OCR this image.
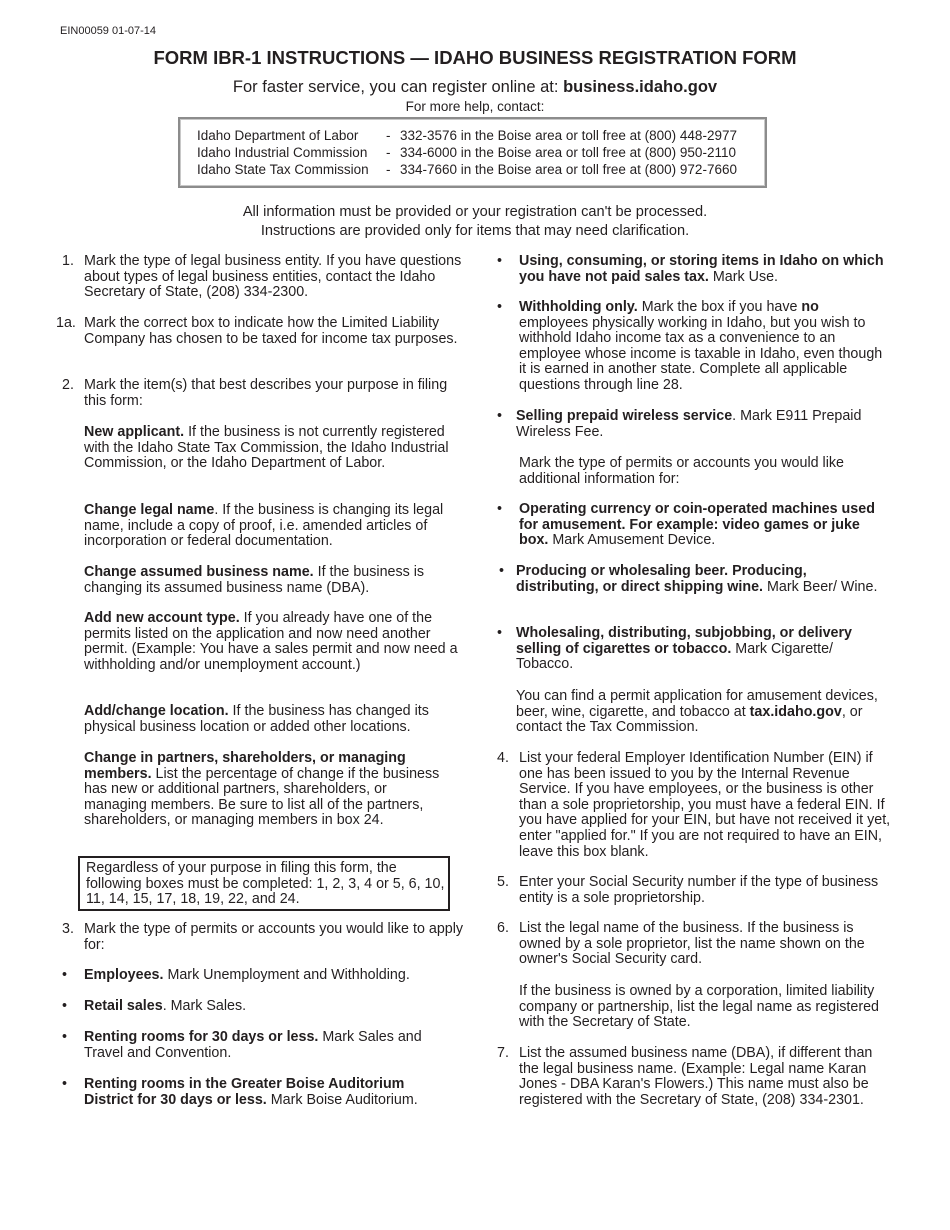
EIN00059 01-07-14
FORM IBR-1 INSTRUCTIONS — IDAHO BUSINESS REGISTRATION FORM
For faster service, you can register online at: business.idaho.gov
For more help, contact:
Idaho Department of Labor - 332-3576 in the Boise area or toll free at (800) 448-2977
Idaho Industrial Commission - 334-6000 in the Boise area or toll free at (800) 950-2110
Idaho State Tax Commission - 334-7660 in the Boise area or toll free at (800) 972-7660
All information must be provided or your registration can't be processed.
Instructions are provided only for items that may need clarification.
1. Mark the type of legal business entity. If you have questions about types of legal business entities, contact the Idaho Secretary of State, (208) 334-2300.
1a. Mark the correct box to indicate how the Limited Liability Company has chosen to be taxed for income tax purposes.
2. Mark the item(s) that best describes your purpose in filing this form:
New applicant. If the business is not currently registered with the Idaho State Tax Commission, the Idaho Industrial Commission, or the Idaho Department of Labor.
Change legal name. If the business is changing its legal name, include a copy of proof, i.e. amended articles of incorporation or federal documentation.
Change assumed business name. If the business is changing its assumed business name (DBA).
Add new account type. If you already have one of the permits listed on the application and now need another permit. (Example: You have a sales permit and now need a withholding and/or unemployment account.)
Add/change location. If the business has changed its physical business location or added other locations.
Change in partners, shareholders, or managing members. List the percentage of change if the business has new or additional partners, shareholders, or managing members. Be sure to list all of the partners, shareholders, or managing members in box 24.
Regardless of your purpose in filing this form, the following boxes must be completed: 1, 2, 3, 4 or 5, 6, 10, 11, 14, 15, 17, 18, 19, 22, and 24.
3. Mark the type of permits or accounts you would like to apply for:
• Employees. Mark Unemployment and Withholding.
• Retail sales. Mark Sales.
• Renting rooms for 30 days or less. Mark Sales and Travel and Convention.
• Renting rooms in the Greater Boise Auditorium District for 30 days or less. Mark Boise Auditorium.
• Using, consuming, or storing items in Idaho on which you have not paid sales tax. Mark Use.
• Withholding only. Mark the box if you have no employees physically working in Idaho, but you wish to withhold Idaho income tax as a convenience to an employee whose income is taxable in Idaho, even though it is earned in another state. Complete all applicable questions through line 28.
• Selling prepaid wireless service. Mark E911 Prepaid Wireless Fee.
Mark the type of permits or accounts you would like additional information for:
• Operating currency or coin-operated machines used for amusement. For example: video games or juke box. Mark Amusement Device.
• Producing or wholesaling beer. Producing, distributing, or direct shipping wine. Mark Beer/ Wine.
• Wholesaling, distributing, subjobbing, or delivery selling of cigarettes or tobacco. Mark Cigarette/ Tobacco.
You can find a permit application for amusement devices, beer, wine, cigarette, and tobacco at tax.idaho.gov, or contact the Tax Commission.
4. List your federal Employer Identification Number (EIN) if one has been issued to you by the Internal Revenue Service. If you have employees, or the business is other than a sole proprietorship, you must have a federal EIN. If you have applied for your EIN, but have not received it yet, enter "applied for." If you are not required to have an EIN, leave this box blank.
5. Enter your Social Security number if the type of business entity is a sole proprietorship.
6. List the legal name of the business. If the business is owned by a sole proprietor, list the name shown on the owner's Social Security card.
If the business is owned by a corporation, limited liability company or partnership, list the legal name as registered with the Secretary of State.
7. List the assumed business name (DBA), if different than the legal business name. (Example: Legal name Karan Jones - DBA Karan's Flowers.) This name must also be registered with the Secretary of State, (208) 334-2301.
